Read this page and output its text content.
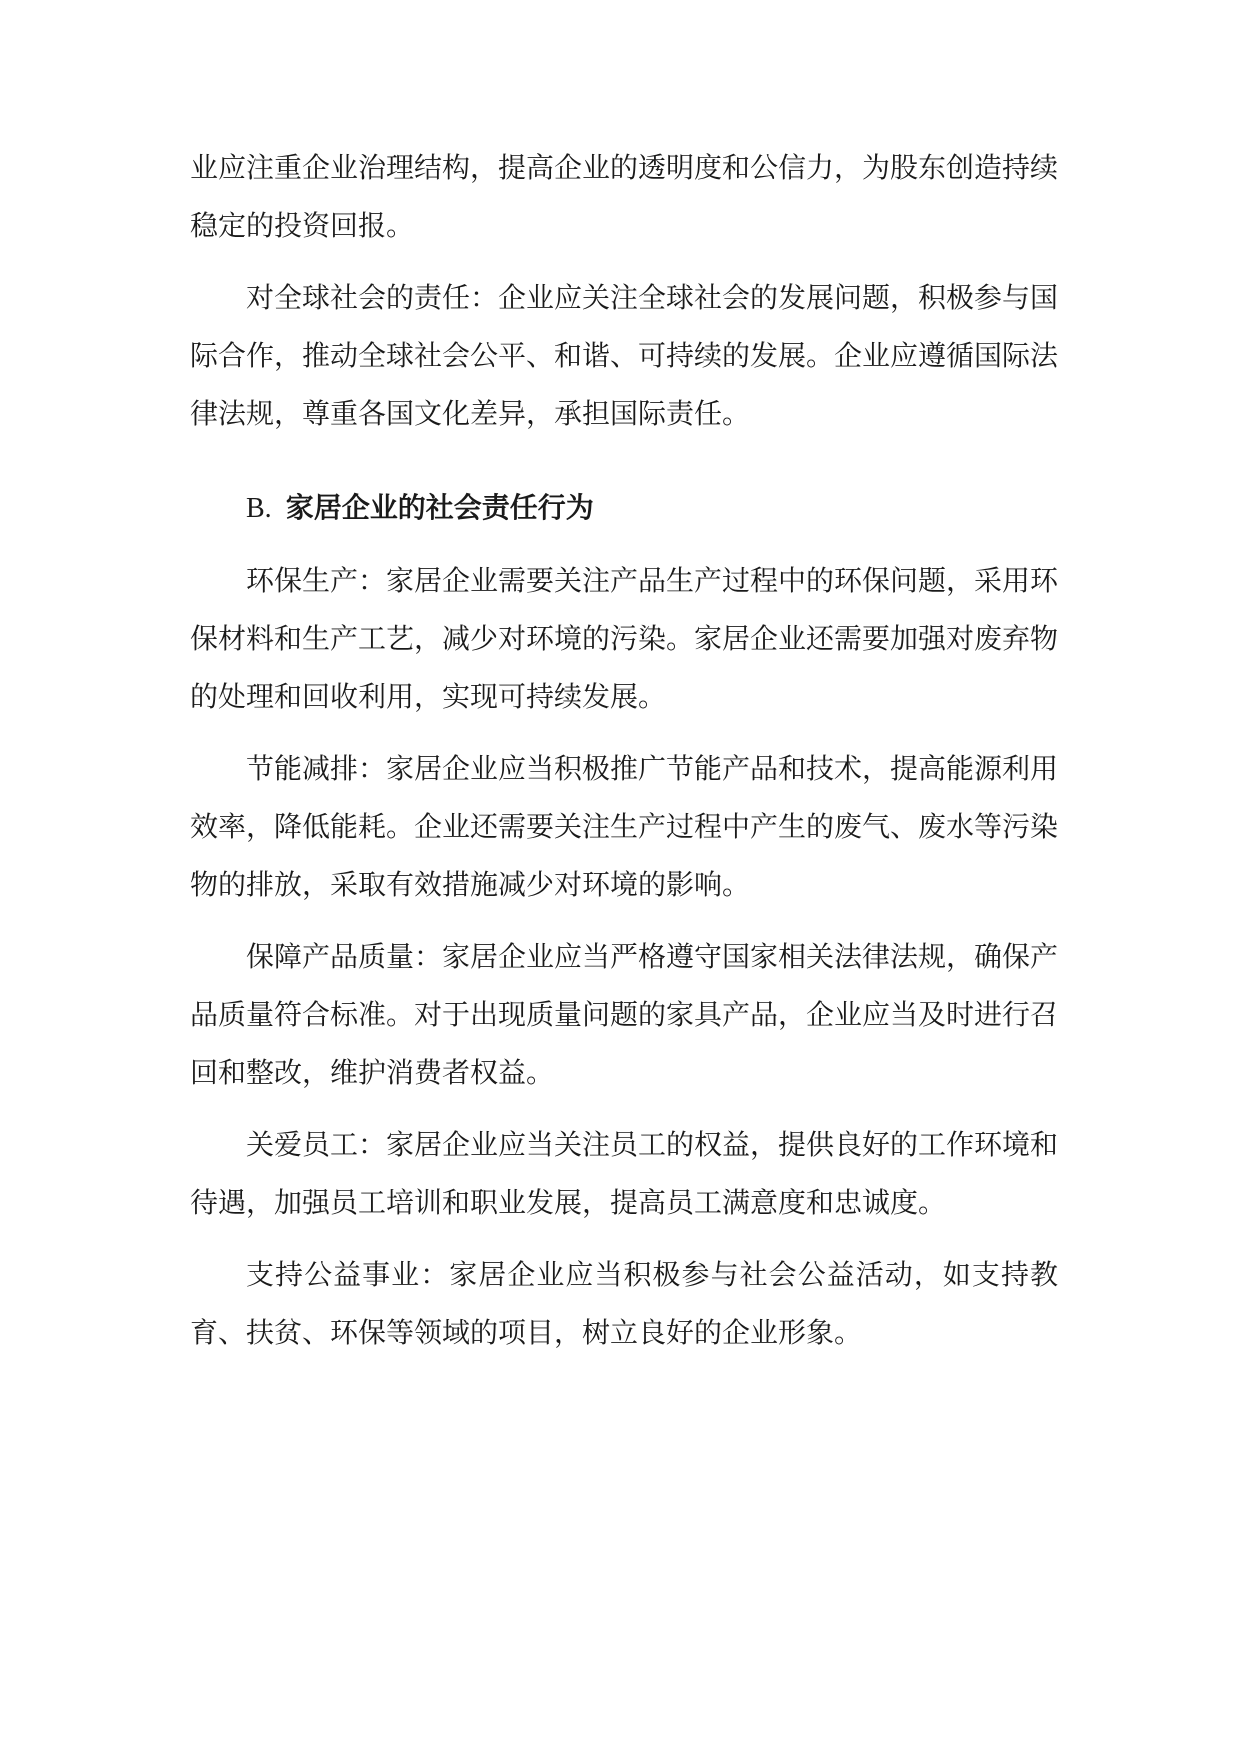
业应注重企业治理结构，提高企业的透明度和公信力，为股东创造持续稳定的投资回报。

对全球社会的责任：企业应关注全球社会的发展问题，积极参与国际合作，推动全球社会公平、和谐、可持续的发展。企业应遵循国际法律法规，尊重各国文化差异，承担国际责任。

B. 家居企业的社会责任行为

环保生产：家居企业需要关注产品生产过程中的环保问题，采用环保材料和生产工艺，减少对环境的污染。家居企业还需要加强对废弃物的处理和回收利用，实现可持续发展。

节能减排：家居企业应当积极推广节能产品和技术，提高能源利用效率，降低能耗。企业还需要关注生产过程中产生的废气、废水等污染物的排放，采取有效措施减少对环境的影响。

保障产品质量：家居企业应当严格遵守国家相关法律法规，确保产品质量符合标准。对于出现质量问题的家具产品，企业应当及时进行召回和整改，维护消费者权益。

关爱员工：家居企业应当关注员工的权益，提供良好的工作环境和待遇，加强员工培训和职业发展，提高员工满意度和忠诚度。

支持公益事业：家居企业应当积极参与社会公益活动，如支持教育、扶贫、环保等领域的项目，树立良好的企业形象。
